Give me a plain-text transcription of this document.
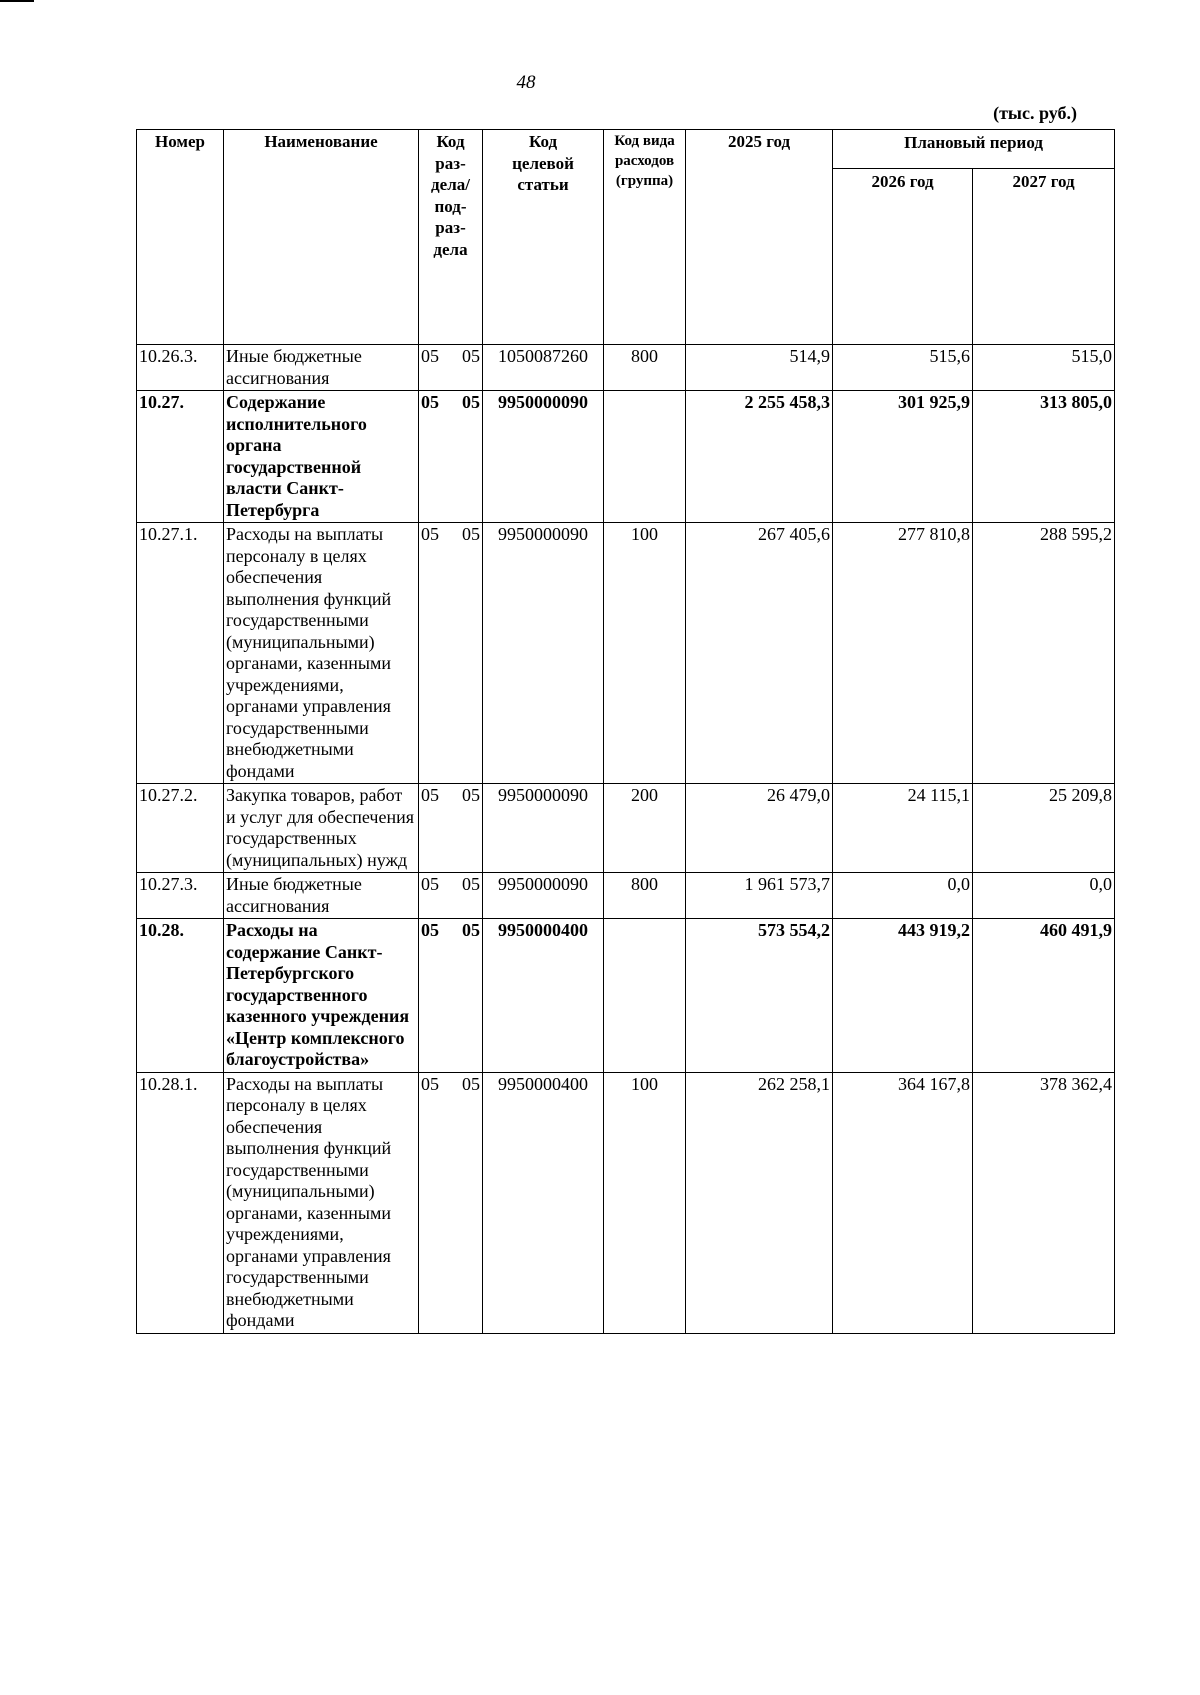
48
(тыс. руб.)
Номер	Наименование	Код раз-дела/ под-раз-дела		Код целевой статьи	Код вида расходов (группа)	2025 год	Плановый период	
							2026 год	2027 год
10.26.3.	Иные бюджетные ассигнования	05	05	1050087260	800	514,9	515,6	515,0
10.27.	Содержание исполнительного органа государственной власти Санкт-Петербурга	05	05	9950000090		2 255 458,3	301 925,9	313 805,0
10.27.1.	Расходы на выплаты персоналу в целях обеспечения выполнения функций государственными (муниципальными) органами, казенными учреждениями, органами управления государственными внебюджетными фондами	05	05	9950000090	100	267 405,6	277 810,8	288 595,2
10.27.2.	Закупка товаров, работ и услуг для обеспечения государственных (муниципальных) нужд	05	05	9950000090	200	26 479,0	24 115,1	25 209,8
10.27.3.	Иные бюджетные ассигнования	05	05	9950000090	800	1 961 573,7	0,0	0,0
10.28.	Расходы на содержание Санкт-Петербургского государственного казенного учреждения «Центр комплексного благоустройства»	05	05	9950000400		573 554,2	443 919,2	460 491,9
10.28.1.	Расходы на выплаты персоналу в целях обеспечения выполнения функций государственными (муниципальными) органами, казенными учреждениями, органами управления государственными внебюджетными фондами	05	05	9950000400	100	262 258,1	364 167,8	378 362,4
